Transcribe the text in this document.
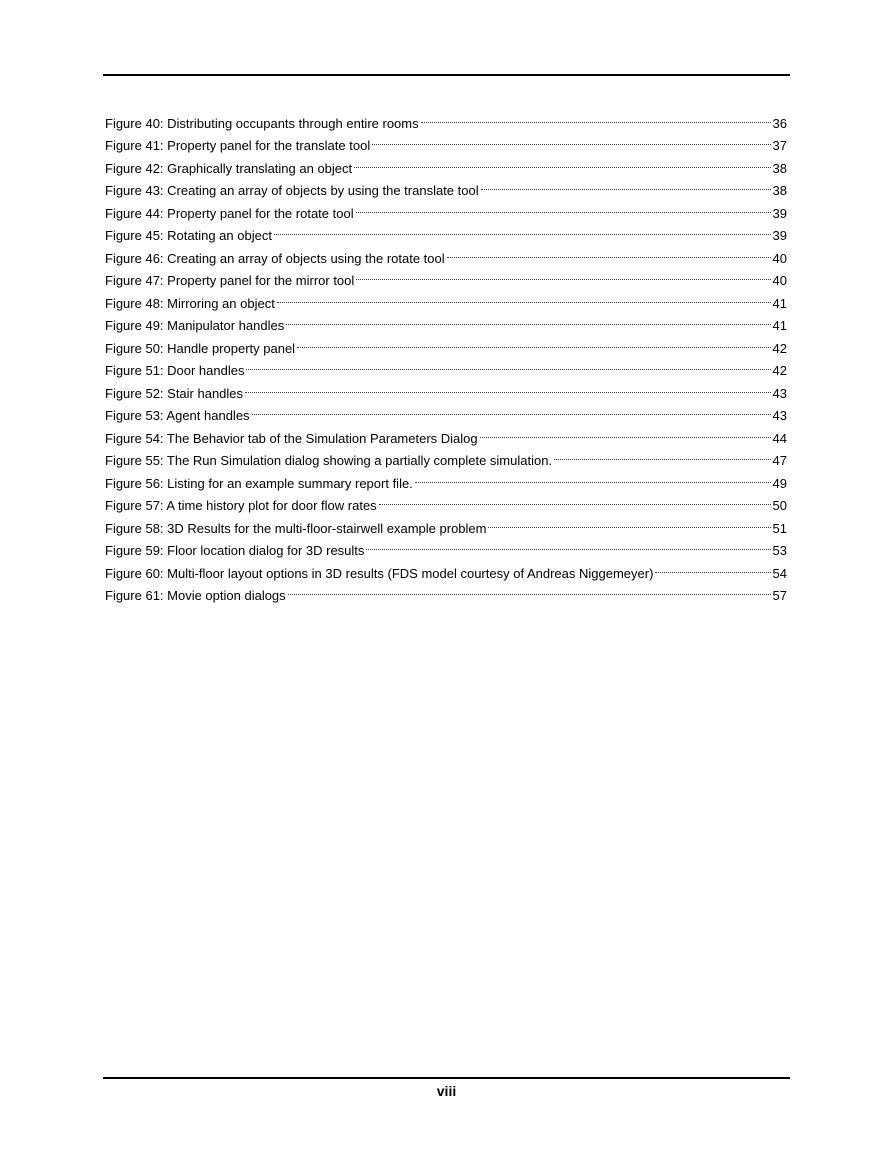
Figure 40: Distributing occupants through entire rooms	36
Figure 41: Property panel for the translate tool	37
Figure 42: Graphically translating an object	38
Figure 43: Creating an array of objects by using the translate tool	38
Figure 44: Property panel for the rotate tool	39
Figure 45: Rotating an object	39
Figure 46: Creating an array of objects using the rotate tool	40
Figure 47: Property panel for the mirror tool	40
Figure 48: Mirroring an object	41
Figure 49: Manipulator handles	41
Figure 50: Handle property panel	42
Figure 51: Door handles	42
Figure 52: Stair handles	43
Figure 53: Agent handles	43
Figure 54: The Behavior tab of the Simulation Parameters Dialog	44
Figure 55: The Run Simulation dialog showing a partially complete simulation.	47
Figure 56: Listing for an example summary report file.	49
Figure 57: A time history plot for door flow rates	50
Figure 58: 3D Results for the multi-floor-stairwell example problem	51
Figure 59: Floor location dialog for 3D results	53
Figure 60: Multi-floor layout options in 3D results (FDS model courtesy of Andreas Niggemeyer)	54
Figure 61: Movie option dialogs	57
viii
